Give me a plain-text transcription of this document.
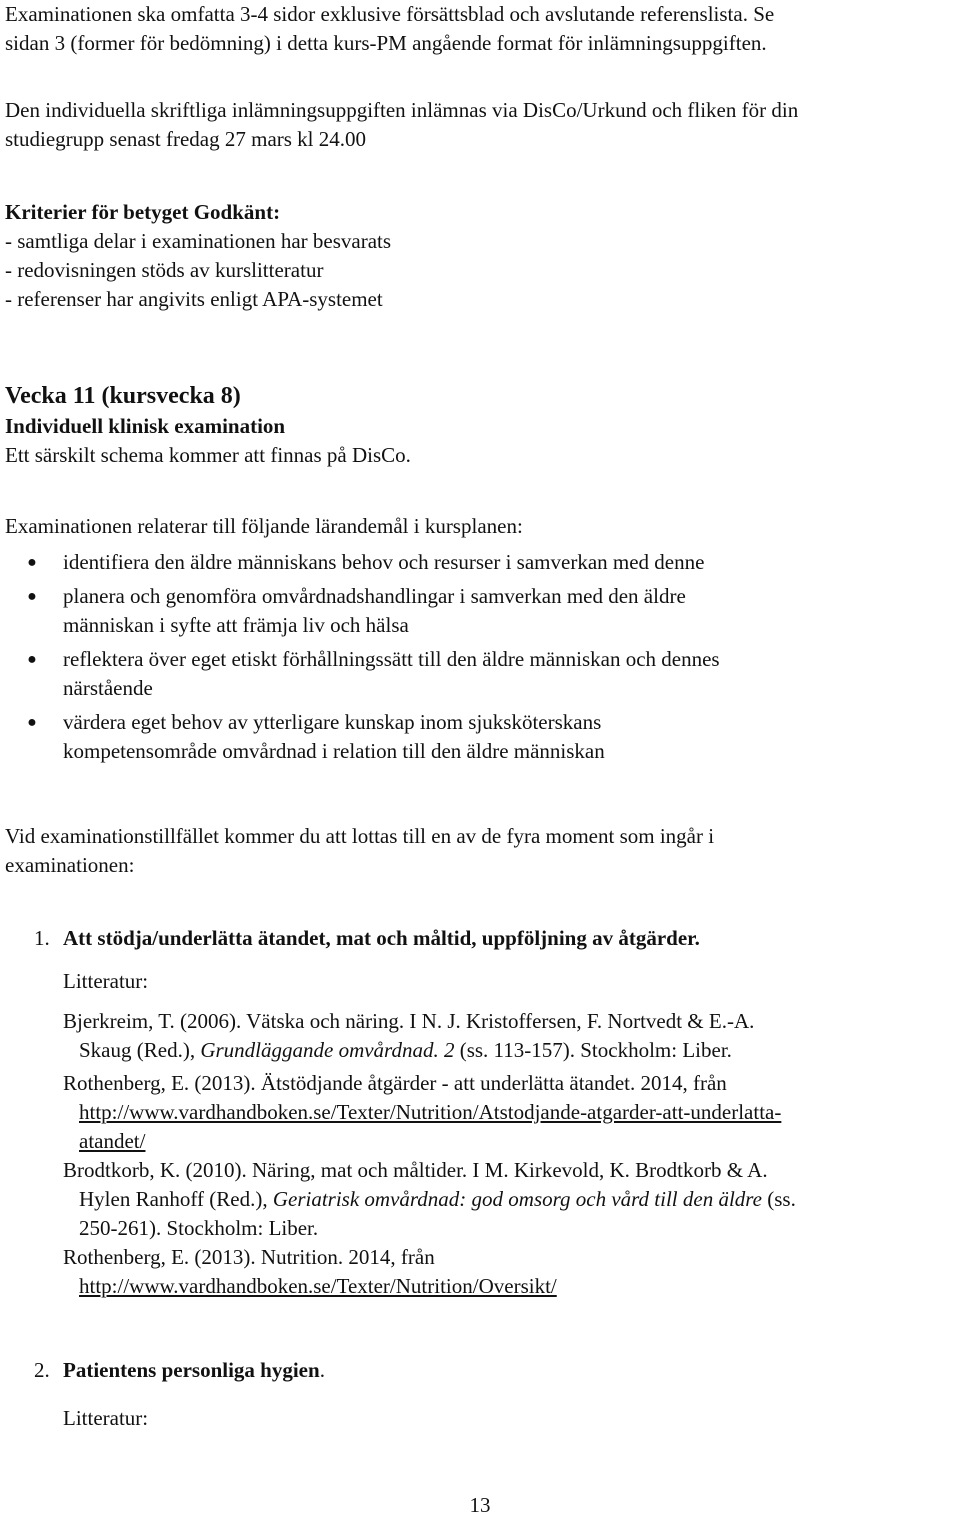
Examinationen ska omfatta 3-4 sidor exklusive försättsblad och avslutande referenslista. Se

sidan 3 (former för bedömning) i detta kurs-PM angående format för inlämningsuppgiften.

Den individuella skriftliga inlämningsuppgiften inlämnas via DisCo/Urkund och fliken för din

studiegrupp senast fredag 27 mars kl 24.00

Kriterier för betyget Godkänt:

- samtliga delar i examinationen har besvarats

- redovisningen stöds av kurslitteratur

- referenser har angivits enligt APA-systemet

Vecka 11 (kursvecka 8)

Individuell klinisk examination

Ett särskilt schema kommer att finnas på DisCo.

Examinationen relaterar till följande lärandemål i kursplanen:

● identifiera den äldre människans behov och resurser i samverkan med denne
● planera och genomföra omvårdnadshandlingar i samverkan med den äldre
människan i syfte att främja liv och hälsa
● reflektera över eget etiskt förhållningssätt till den äldre människan och dennes
närstående
● värdera eget behov av ytterligare kunskap inom sjuksköterskans
kompetensområde omvårdnad i relation till den äldre människan

Vid examinationstillfället kommer du att lottas till en av de fyra moment som ingår i

examinationen:

1. Att stödja/underlätta ätandet, mat och måltid, uppföljning av åtgärder.
Litteratur:

Bjerkreim, T. (2006). Vätska och näring. I N. J. Kristoffersen, F. Nortvedt & E.-A.
Skaug (Red.), Grundläggande omvårdnad. 2 (ss. 113-157). Stockholm: Liber.

Rothenberg, E. (2013). Ätstödjande åtgärder - att underlätta ätandet. 2014, från
http://www.vardhandboken.se/Texter/Nutrition/Atstodjande-atgarder-att-underlatta-
atandet/

Brodtkorb, K. (2010). Näring, mat och måltider. I M. Kirkevold, K. Brodtkorb & A.
Hylen Ranhoff (Red.), Geriatrisk omvårdnad: god omsorg och vård till den äldre (ss.
250-261). Stockholm: Liber.

Rothenberg, E. (2013). Nutrition. 2014, från
http://www.vardhandboken.se/Texter/Nutrition/Oversikt/

2. Patientens personliga hygien.
Litteratur:
13
